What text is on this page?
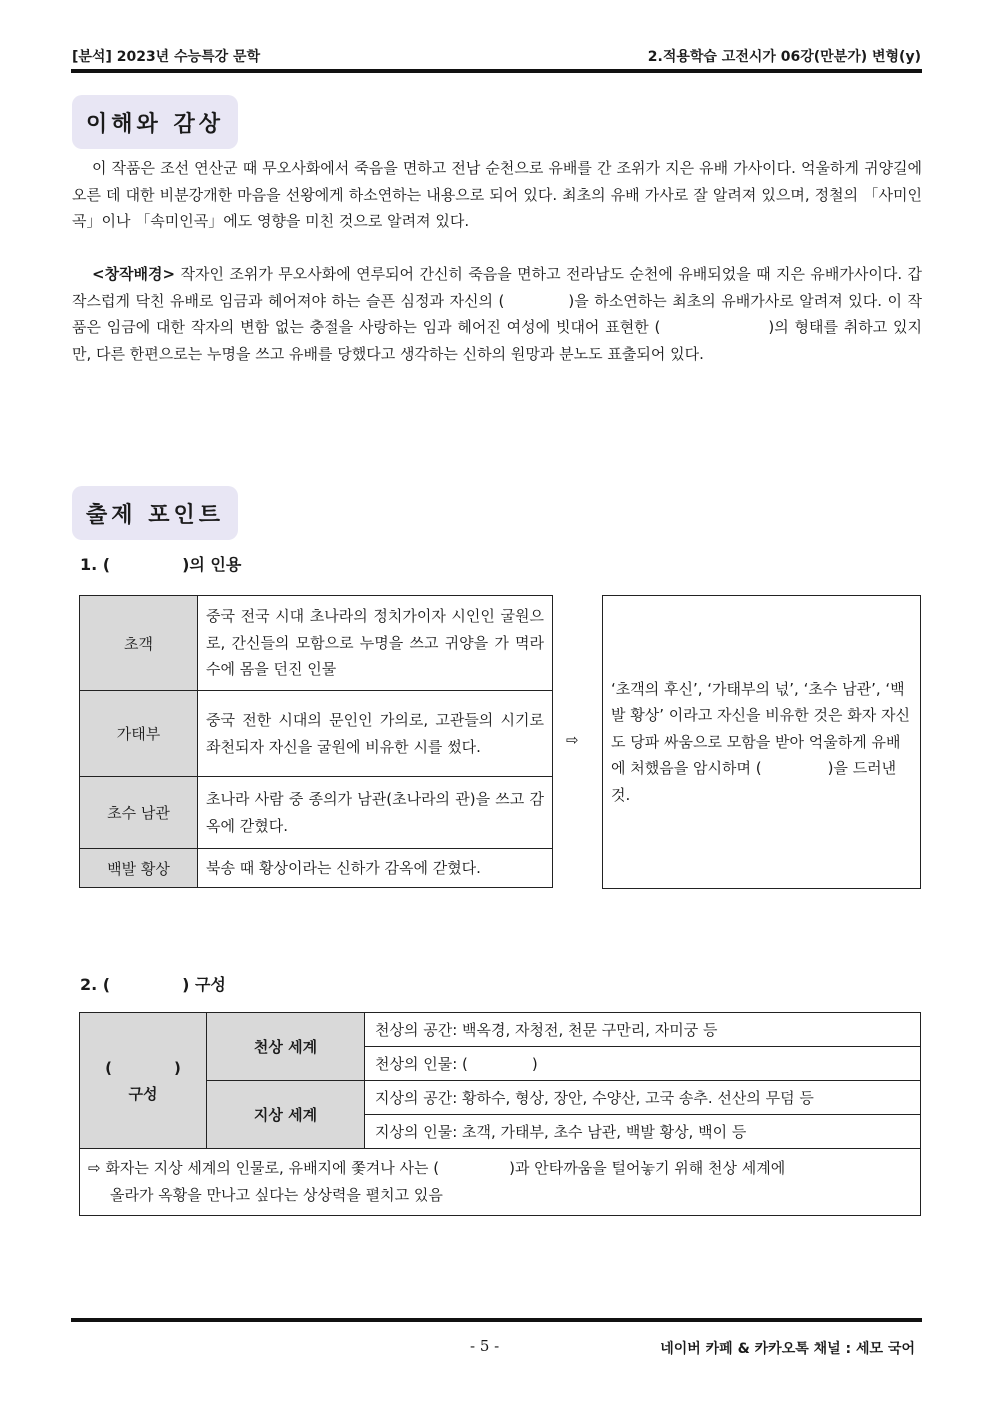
[분석] 2023년 수능특강 문학	2.적용학습 고전시가 06강(만분가) 변형(y)
이해와 감상
이 작품은 조선 연산군 때 무오사화에서 죽음을 면하고 전남 순천으로 유배를 간 조위가 지은 유배 가사이다. 억울하게 귀양길에 오른 데 대한 비분강개한 마음을 선왕에게 하소연하는 내용으로 되어 있다. 최초의 유배 가사로 잘 알려져 있으며, 정철의 「사미인곡」이나 「속미인곡」에도 영향을 미친 것으로 알려져 있다.
<창작배경> 작자인 조위가 무오사화에 연루되어 간신히 죽음을 면하고 전라남도 순천에 유배되었을 때 지은 유배가사이다. 갑작스럽게 닥친 유배로 임금과 헤어져야 하는 슬픈 심정과 자신의 (	)을 하소연하는 최초의 유배가사로 알려져 있다. 이 작품은 임금에 대한 작자의 변함 없는 충절을 사랑하는 임과 헤어진 여성에 빗대어 표현한 (	)의 형태를 취하고 있지만, 다른 한편으로는 누명을 쓰고 유배를 당했다고 생각하는 신하의 원망과 분노도 표출되어 있다.
출제 포인트
1. (	)의 인용
초객	중국 전국 시대 초나라의 정치가이자 시인인 굴원으로, 간신들의 모함으로 누명을 쓰고 귀양을 가 멱라수에 몸을 던진 인물
가태부	중국 전한 시대의 문인인 가의로, 고관들의 시기로 좌천되자 자신을 굴원에 비유한 시를 썼다.
초수 남관	초나라 사람 중 종의가 남관(초나라의 관)을 쓰고 감옥에 갇혔다.
백발 황상	북송 때 황상이라는 신하가 감옥에 갇혔다.
⇨
‘초객의 후신’, ‘가태부의 넋’, ‘초수 남관’, ‘백발 황상’ 이라고 자신을 비유한 것은 화자 자신도 당파 싸움으로 모함을 받아 억울하게 유배에 처했음을 암시하며 (	)을 드러낸 것.
2. (	) 구성
( )
구성	천상 세계	천상의 공간: 백옥경, 자청전, 천문 구만리, 자미궁 등
		천상의 인물: ( )
	지상 세계	지상의 공간: 황하수, 형상, 장안, 수양산, 고국 송추. 선산의 무덤 등
		지상의 인물: 초객, 가태부, 초수 남관, 백발 황상, 백이 등
⇨ 화자는 지상 세계의 인물로, 유배지에 쫓겨나 사는 ( )과 안타까움을 털어놓기 위해 천상 세계에
올라가 옥황을 만나고 싶다는 상상력을 펼치고 있음		
- 5 -	네이버 카페 & 카카오톡 채널 : 세모 국어
